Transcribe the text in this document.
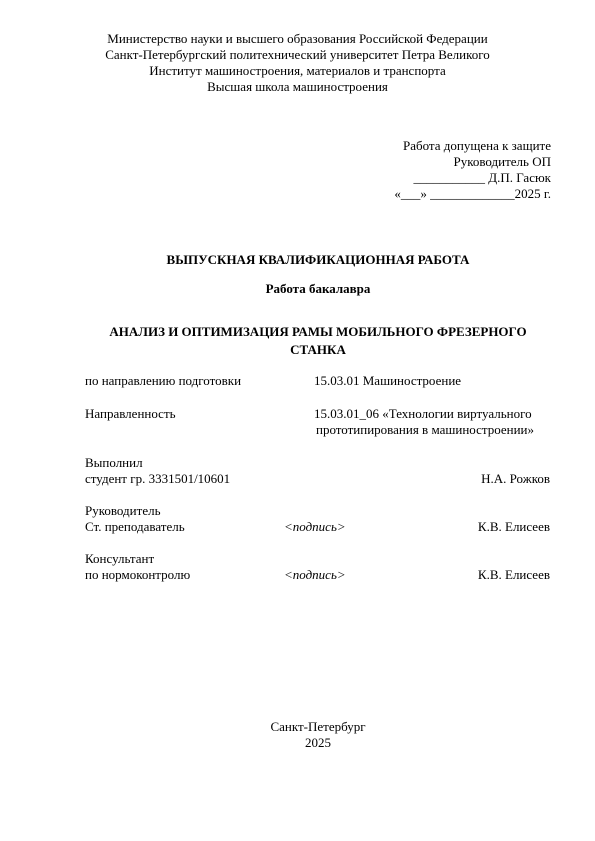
Министерство науки и высшего образования Российской Федерации
Санкт-Петербургский политехнический университет Петра Великого
Институт машиностроения, материалов и транспорта
Высшая школа машиностроения
Работа допущена к защите
Руководитель ОП
___________ Д.П. Гасюк
«___» _____________2025 г.
ВЫПУСКНАЯ КВАЛИФИКАЦИОННАЯ РАБОТА
Работа бакалавра
АНАЛИЗ И ОПТИМИЗАЦИЯ РАМЫ МОБИЛЬНОГО ФРЕЗЕРНОГО
СТАНКА
по направлению подготовки	15.03.01 Машиностроение
Направленность	15.03.01_06 «Технологии виртуального
прототипирования в машиностроении»
Выполнил
студент гр. 3331501/10601	Н.А. Рожков
Руководитель
Ст. преподаватель	<подпись>	К.В. Елисеев
Консультант
по нормоконтролю	<подпись>	К.В. Елисеев
Санкт-Петербург
2025
